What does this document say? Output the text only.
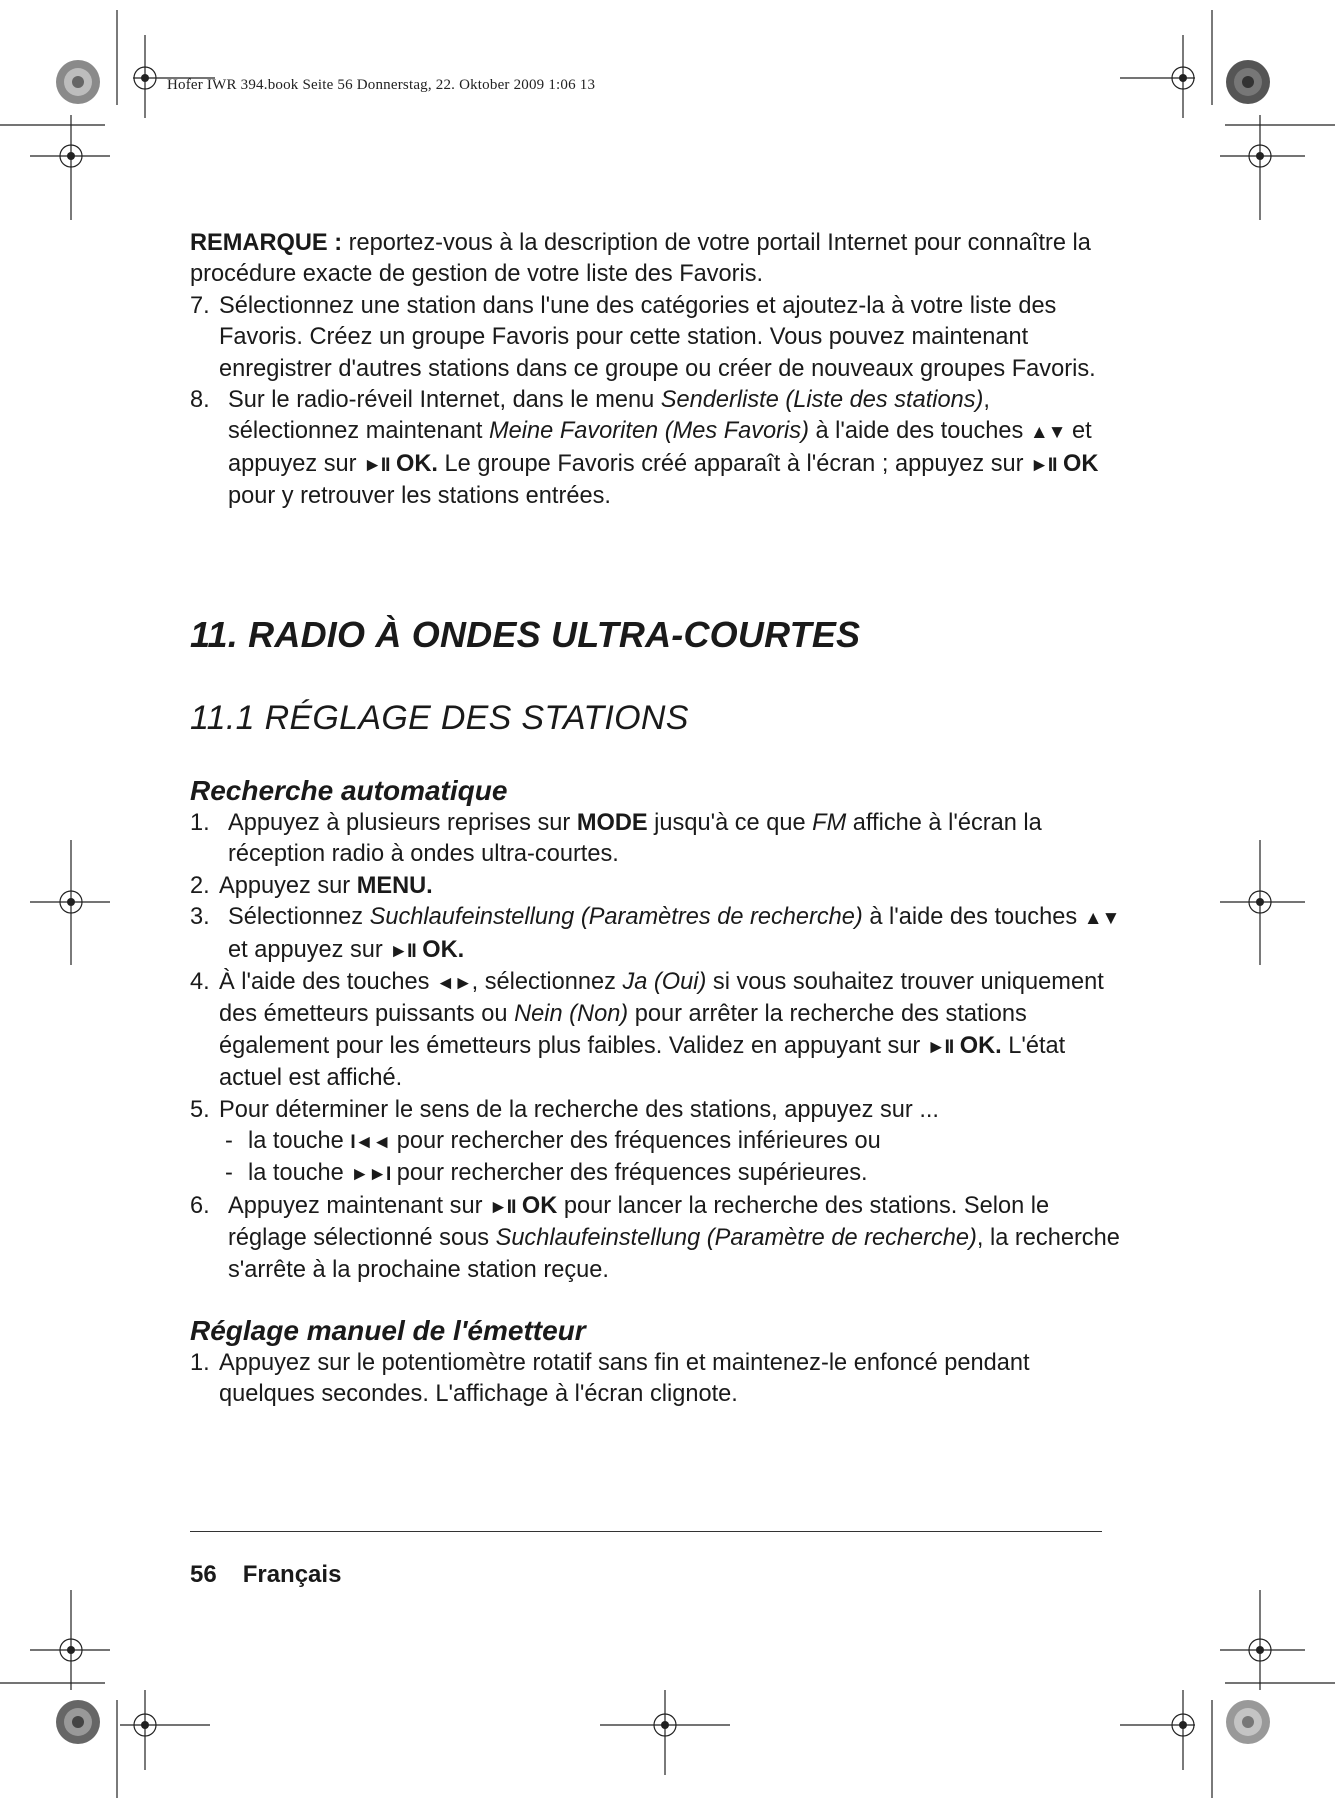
Hofer IWR 394.book Seite 56 Donnerstag, 22. Oktober 2009 1:06 13

REMARQUE : reportez-vous à la description de votre portail Internet pour connaître la procédure exacte de gestion de votre liste des Favoris.

7. Sélectionnez une station dans l'une des catégories et ajoutez-la à votre liste des Favoris. Créez un groupe Favoris pour cette station. Vous pouvez maintenant enregistrer d'autres stations dans ce groupe ou créer de nouveaux groupes Favoris.
8. Sur le radio-réveil Internet, dans le menu Senderliste (Liste des stations), sélectionnez maintenant Meine Favoriten (Mes Favoris) à l'aide des touches ▲▼ et appuyez sur ►II OK. Le groupe Favoris créé apparaît à l'écran ; appuyez sur ►II OK pour y retrouver les stations entrées.
11. RADIO À ONDES ULTRA-COURTES
11.1 RÉGLAGE DES STATIONS
Recherche automatique
1. Appuyez à plusieurs reprises sur MODE jusqu'à ce que FM affiche à l'écran la réception radio à ondes ultra-courtes.
2. Appuyez sur MENU.
3. Sélectionnez Suchlaufeinstellung (Paramètres de recherche) à l'aide des touches ▲▼ et appuyez sur ►II OK.
4. À l'aide des touches ◄►, sélectionnez Ja (Oui) si vous souhaitez trouver uniquement des émetteurs puissants ou Nein (Non) pour arrêter la recherche des stations également pour les émetteurs plus faibles. Validez en appuyant sur ►II OK. L'état actuel est affiché.
5. Pour déterminer le sens de la recherche des stations, appuyez sur ...
- la touche I◄◄ pour rechercher des fréquences inférieures ou
- la touche ►►I pour rechercher des fréquences supérieures.
6. Appuyez maintenant sur ►II OK pour lancer la recherche des stations. Selon le réglage sélectionné sous Suchlaufeinstellung (Paramètre de recherche), la recherche s'arrête à la prochaine station reçue.
Réglage manuel de l'émetteur
1. Appuyez sur le potentiomètre rotatif sans fin et maintenez-le enfoncé pendant quelques secondes. L'affichage à l'écran clignote.
56 Français
